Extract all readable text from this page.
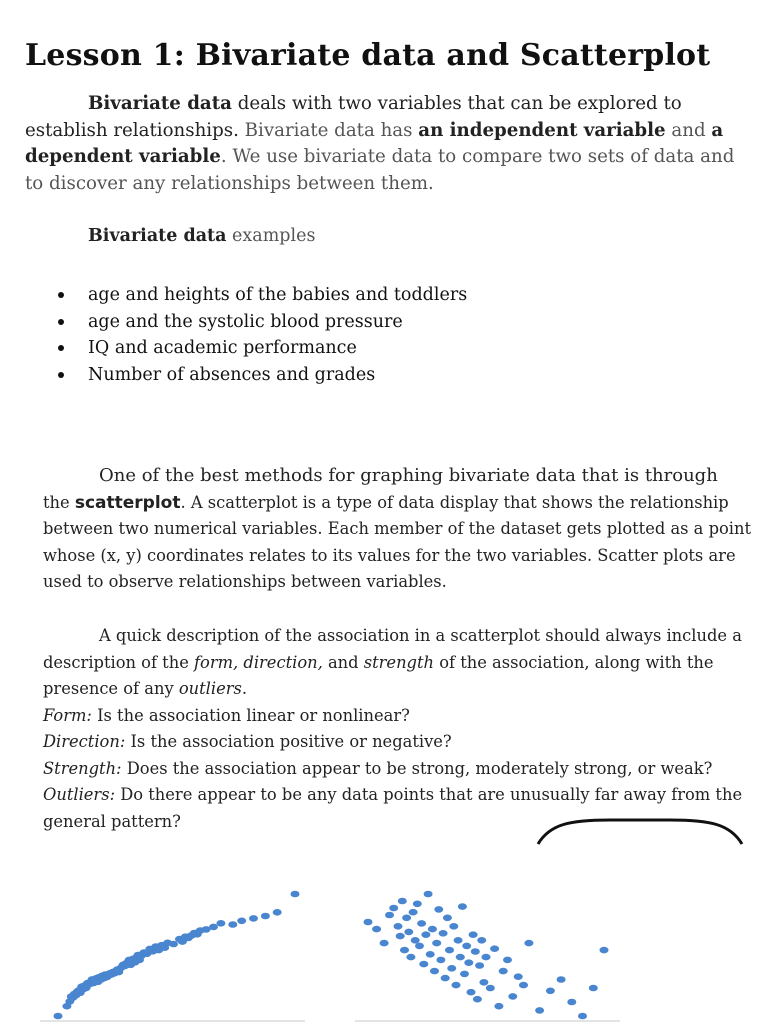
Lesson 1: Bivariate data and Scatterplot
Bivariate data deals with two variables that can be explored to establish relationships. Bivariate data has an independent variable and a dependent variable. We use bivariate data to compare two sets of data and to discover any relationships between them.
Bivariate data examples
age and heights of the babies and toddlers
age and the systolic blood pressure
IQ and academic performance
Number of absences and grades
One of the best methods for graphing bivariate data that is through
the scatterplot. A scatterplot is a type of data display that shows the relationship between two numerical variables. Each member of the dataset gets plotted as a point whose (x, y) coordinates relates to its values for the two variables. Scatter plots are used to observe relationships between variables.
A quick description of the association in a scatterplot should always include a description of the form, direction, and strength of the association, along with the presence of any outliers.
Form: Is the association linear or nonlinear?
Direction: Is the association positive or negative?
Strength: Does the association appear to be strong, moderately strong, or weak?
Outliers: Do there appear to be any data points that are unusually far away from the general pattern?
